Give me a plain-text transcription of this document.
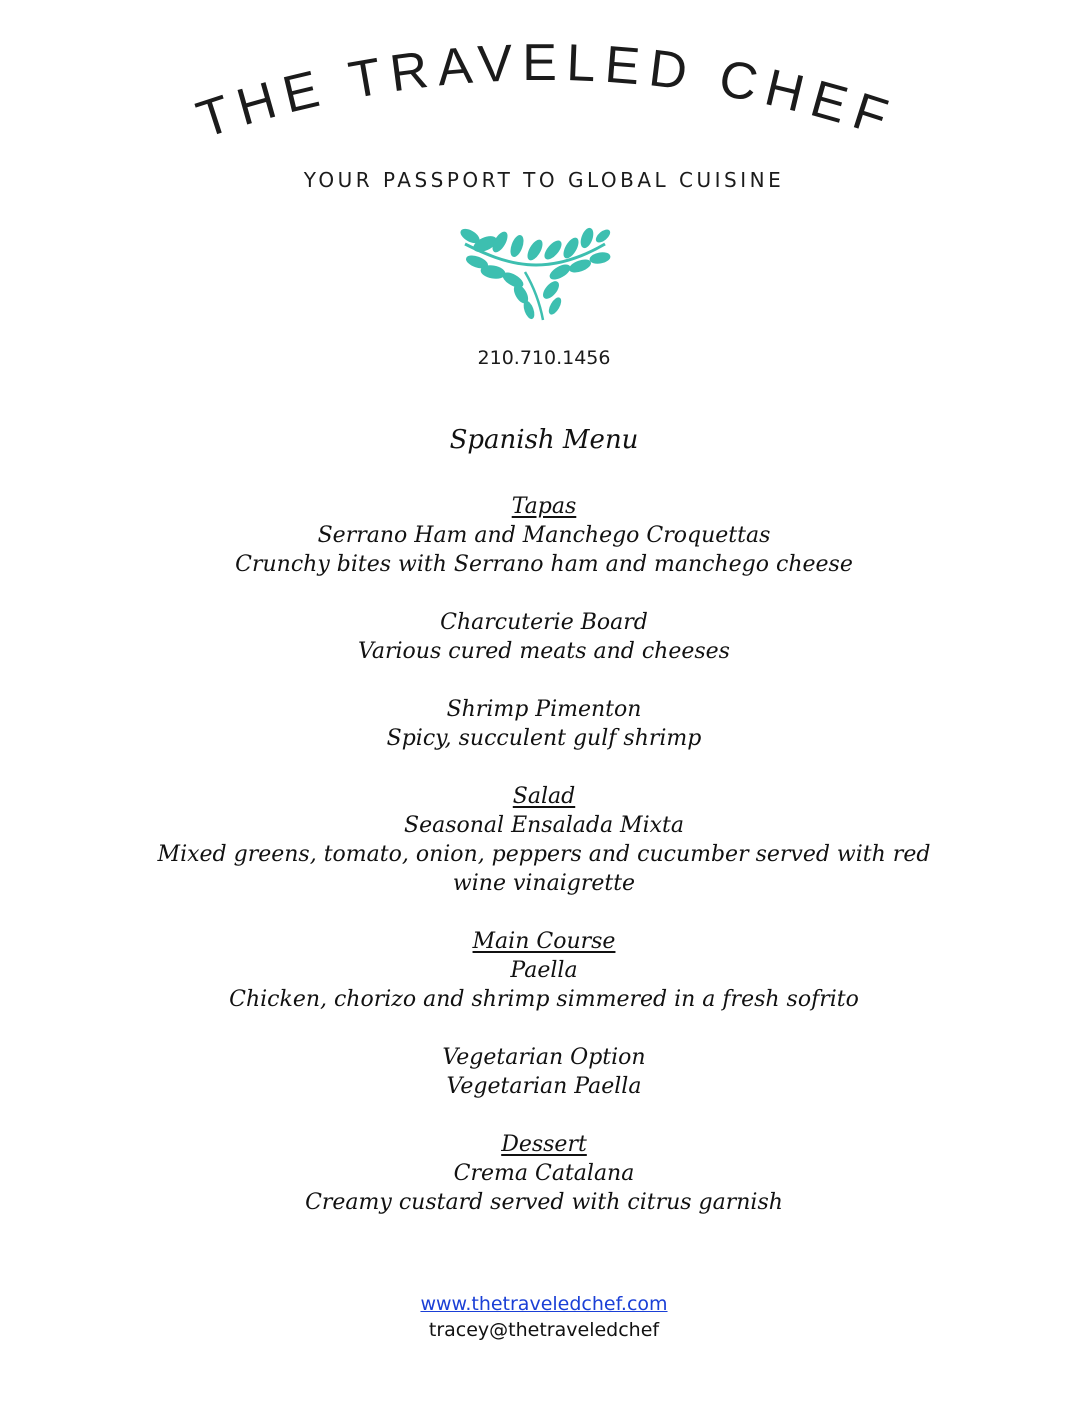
THE TRAVELED CHEF
YOUR PASSPORT TO GLOBAL CUISINE
210.710.1456
Spanish Menu
Tapas
Serrano Ham and Manchego Croquettas
Crunchy bites with Serrano ham and manchego cheese
Charcuterie Board
Various cured meats and cheeses
Shrimp Pimenton
Spicy, succulent gulf shrimp
Salad
Seasonal Ensalada Mixta
Mixed greens, tomato, onion, peppers and cucumber served with red wine vinaigrette
Main Course
Paella
Chicken, chorizo and shrimp simmered in a fresh sofrito
Vegetarian Option
Vegetarian Paella
Dessert
Crema Catalana
Creamy custard served with citrus garnish
www.thetraveledchef.com
tracey@thetraveledchef
